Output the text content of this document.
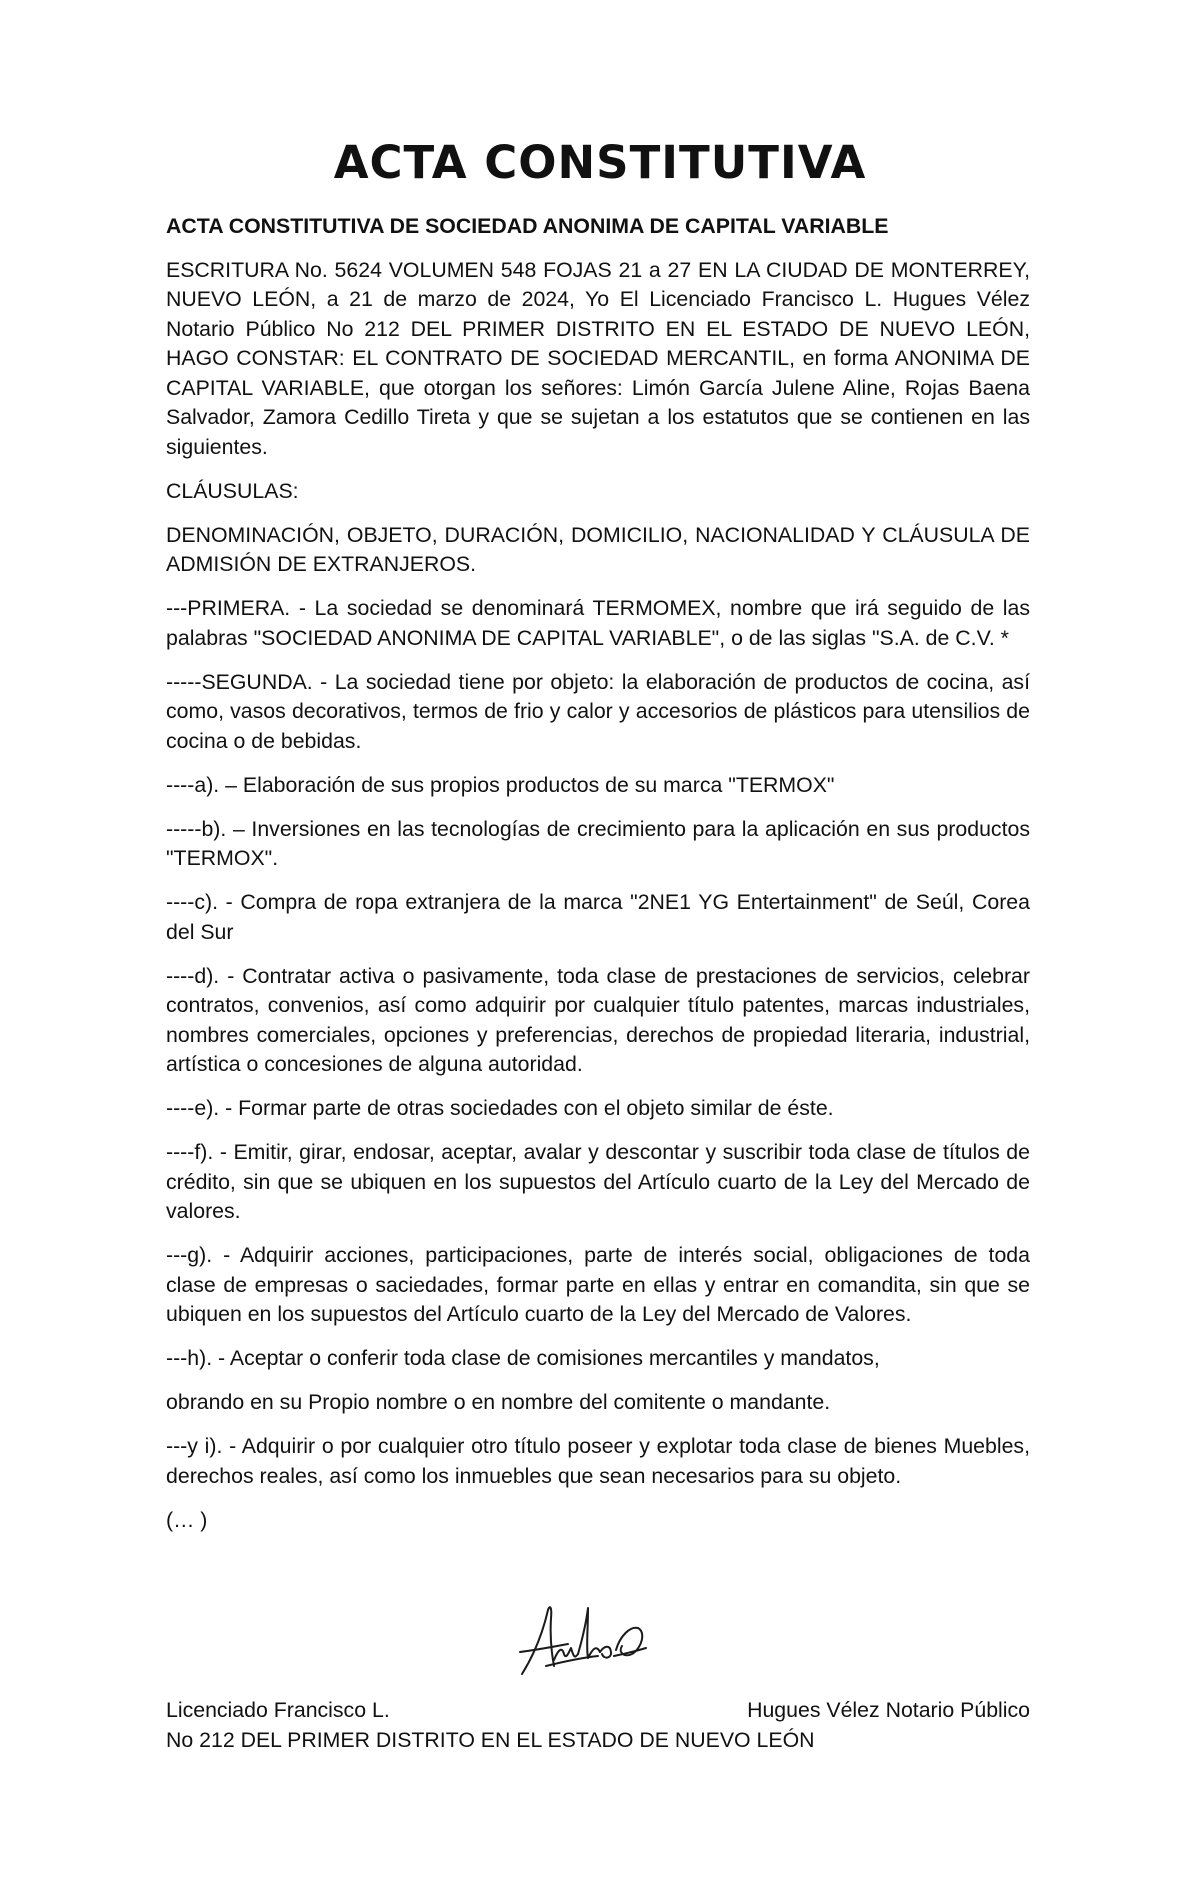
ACTA CONSTITUTIVA

ACTA CONSTITUTIVA DE SOCIEDAD ANONIMA DE CAPITAL VARIABLE

ESCRITURA No. 5624 VOLUMEN 548 FOJAS 21 a 27 EN LA CIUDAD DE MONTERREY, NUEVO LEÓN, a 21 de marzo de 2024, Yo El Licenciado Francisco L. Hugues Vélez Notario Público No 212 DEL PRIMER DISTRITO EN EL ESTADO DE NUEVO LEÓN, HAGO CONSTAR: EL CONTRATO DE SOCIEDAD MERCANTIL, en forma ANONIMA DE CAPITAL VARIABLE, que otorgan los señores: Limón García Julene Aline, Rojas Baena Salvador, Zamora Cedillo Tireta y que se sujetan a los estatutos que se contienen en las siguientes.

CLÁUSULAS:

DENOMINACIÓN, OBJETO, DURACIÓN, DOMICILIO, NACIONALIDAD Y CLÁUSULA DE ADMISIÓN DE EXTRANJEROS.

---PRIMERA. - La sociedad se denominará TERMOMEX, nombre que irá seguido de las palabras "SOCIEDAD ANONIMA DE CAPITAL VARIABLE", o de las siglas "S.A. de C.V. *

-----SEGUNDA. - La sociedad tiene por objeto: la elaboración de productos de cocina, así como, vasos decorativos, termos de frio y calor y accesorios de plásticos para utensilios de cocina o de bebidas.

----a). – Elaboración de sus propios productos de su marca "TERMOX"

-----b). – Inversiones en las tecnologías de crecimiento para la aplicación en sus productos "TERMOX".

----c). - Compra de ropa extranjera de la marca "2NE1 YG Entertainment" de Seúl, Corea del Sur

----d). - Contratar activa o pasivamente, toda clase de prestaciones de servicios, celebrar contratos, convenios, así como adquirir por cualquier título patentes, marcas industriales, nombres comerciales, opciones y preferencias, derechos de propiedad literaria, industrial, artística o concesiones de alguna autoridad.

----e). - Formar parte de otras sociedades con el objeto similar de éste.

----f). - Emitir, girar, endosar, aceptar, avalar y descontar y suscribir toda clase de títulos de crédito, sin que se ubiquen en los supuestos del Artículo cuarto de la Ley del Mercado de valores.

---g). - Adquirir acciones, participaciones, parte de interés social, obligaciones de toda clase de empresas o saciedades, formar parte en ellas y entrar en comandita, sin que se ubiquen en los supuestos del Artículo cuarto de la Ley del Mercado de Valores.

---h). - Aceptar o conferir toda clase de comisiones mercantiles y mandatos,

obrando en su Propio nombre o en nombre del comitente o mandante.

---y i). - Adquirir o por cualquier otro título poseer y explotar toda clase de bienes Muebles, derechos reales, así como los inmuebles que sean necesarios para su objeto.

(… )

Licenciado Francisco L.	Hugues Vélez Notario Público
No 212 DEL PRIMER DISTRITO EN EL ESTADO DE NUEVO LEÓN
